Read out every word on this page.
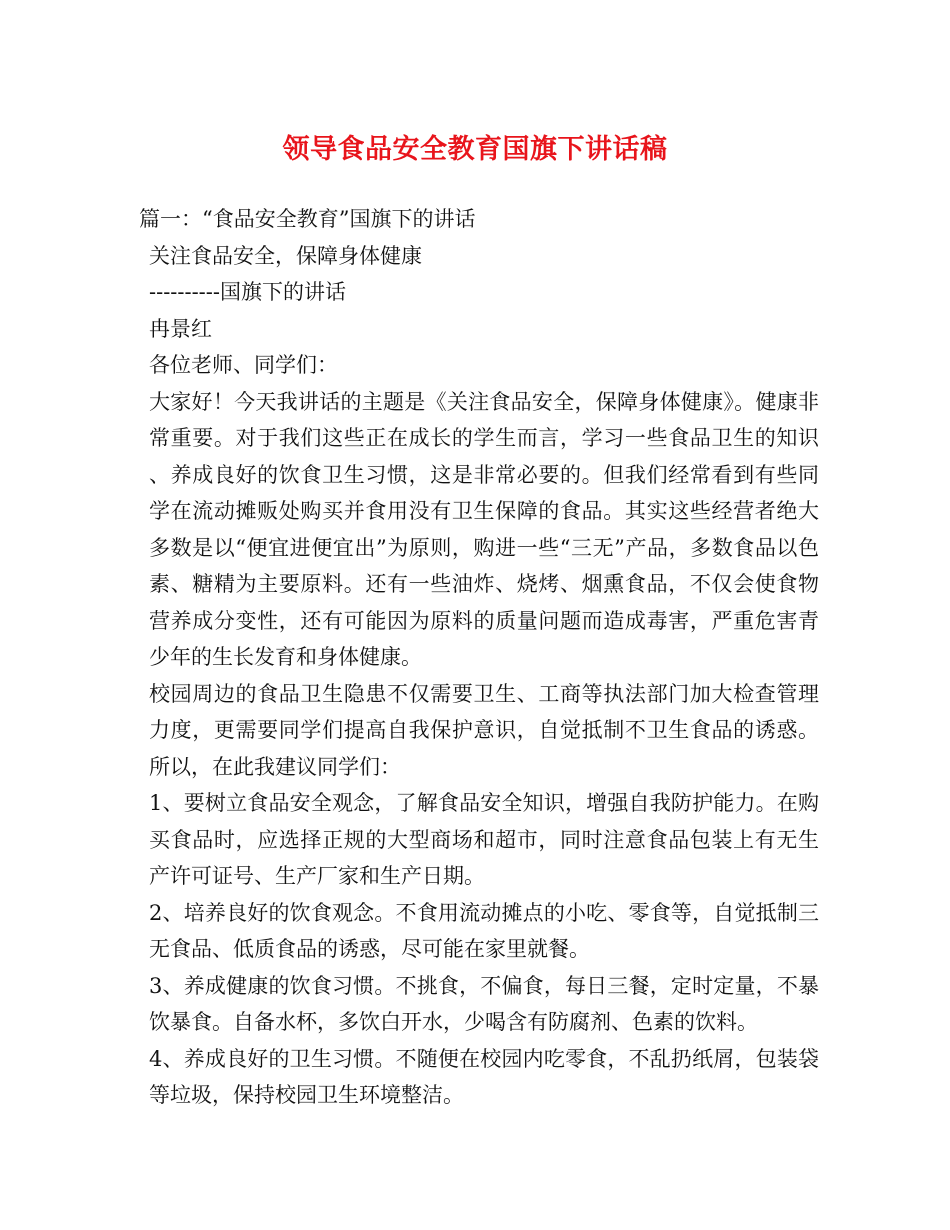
领导食品安全教育国旗下讲话稿
篇一：“食品安全教育”国旗下的讲话
关注食品安全，保障身体健康
----------国旗下的讲话
冉景红
各位老师、同学们：
大家好！今天我讲话的主题是《关注食品安全，保障身体健康》。健康非常重要。对于我们这些正在成长的学生而言，学习一些食品卫生的知识、养成良好的饮食卫生习惯，这是非常必要的。但我们经常看到有些同学在流动摊贩处购买并食用没有卫生保障的食品。其实这些经营者绝大多数是以“便宜进便宜出”为原则，购进一些“三无”产品，多数食品以色素、糖精为主要原料。还有一些油炸、烧烤、烟熏食品，不仅会使食物营养成分变性，还有可能因为原料的质量问题而造成毒害，严重危害青少年的生长发育和身体健康。
校园周边的食品卫生隐患不仅需要卫生、工商等执法部门加大检查管理力度，更需要同学们提高自我保护意识，自觉抵制不卫生食品的诱惑。所以，在此我建议同学们：
1、要树立食品安全观念，了解食品安全知识，增强自我防护能力。在购买食品时，应选择正规的大型商场和超市，同时注意食品包装上有无生产许可证号、生产厂家和生产日期。
2、培养良好的饮食观念。不食用流动摊点的小吃、零食等，自觉抵制三无食品、低质食品的诱惑，尽可能在家里就餐。
3、养成健康的饮食习惯。不挑食，不偏食，每日三餐，定时定量，不暴饮暴食。自备水杯，多饮白开水，少喝含有防腐剂、色素的饮料。
4、养成良好的卫生习惯。不随便在校园内吃零食，不乱扔纸屑，包装袋等垃圾，保持校园卫生环境整洁。
